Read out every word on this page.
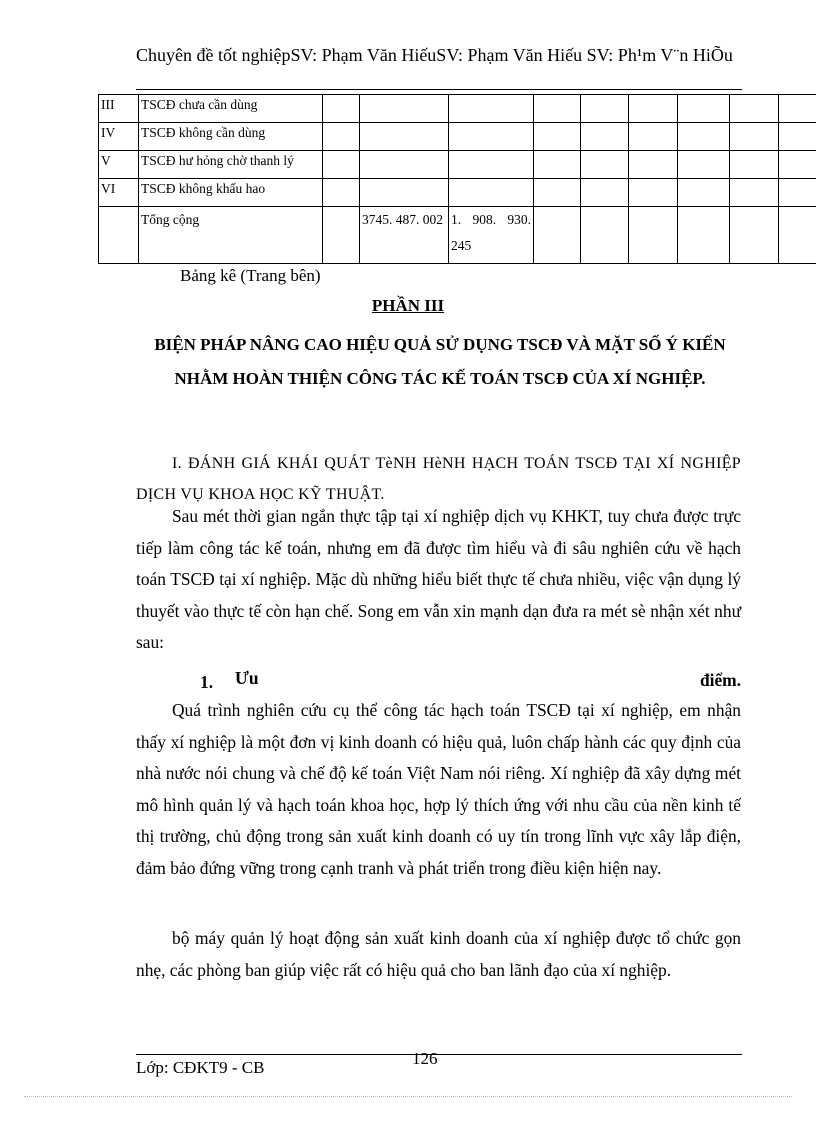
Chuyên đề tốt nghiệpSV: Phạm Văn HiếuSV: Phạm Văn Hiếu SV: Ph¹m V¨n HiÕu
III	TSCĐ chưa cần dùng									
IV	TSCĐ không cần dùng									
V	TSCĐ hư hỏng chờ thanh lý									
VI	TSCĐ không khấu hao									
	Tổng cộng		3745. 487. 002	1. 908. 930. 245						
Bảng kê (Trang bên)
PHẦN III
BIỆN PHÁP NÂNG CAO HIỆU QUẢ SỬ DỤNG TSCĐ VÀ MẶT SỐ Ý KIẾN NHẰM HOÀN THIỆN CÔNG TÁC KẾ TOÁN TSCĐ CỦA XÍ NGHIỆP.
I. ĐÁNH GIÁ KHÁI QUÁT TèNH HèNH HẠCH TOÁN TSCĐ TẠI XÍ NGHIỆP DỊCH VỤ KHOA HỌC KỸ THUẬT.
Sau mét thời gian ngắn thực tập tại xí nghiệp dịch vụ KHKT, tuy chưa được trực tiếp làm công tác kế toán, nhưng em đã được tìm hiểu và đi sâu nghiên cứu về hạch toán TSCĐ tại xí nghiệp. Mặc dù những hiểu biết thực tế chưa nhiều, việc vận dụng lý thuyết vào thực tế còn hạn chế. Song em vẫn xin mạnh dạn đưa ra mét sè nhận xét như sau:
1. Ưu	điểm.
Quá trình nghiên cứu cụ thể công tác hạch toán TSCĐ tại xí nghiệp, em nhận thấy xí nghiệp là một đơn vị kinh doanh có hiệu quả, luôn chấp hành các quy định của nhà nước nói chung và chế độ kế toán Việt Nam nói riêng. Xí nghiệp đã xây dựng mét mô hình quản lý và hạch toán khoa học, hợp lý thích ứng với nhu cầu của nền kinh tế thị trường, chủ động trong sản xuất kinh doanh có uy tín trong lĩnh vực xây lắp điện, đảm bảo đứng vững trong cạnh tranh và phát triển trong điều kiện hiện nay.
bộ máy quản lý hoạt động sản xuất kinh doanh của xí nghiệp được tổ chức gọn nhẹ, các phòng ban giúp việc rất có hiệu quả cho ban lãnh đạo của xí nghiệp.
126
Lớp: CĐKT9 - CB
